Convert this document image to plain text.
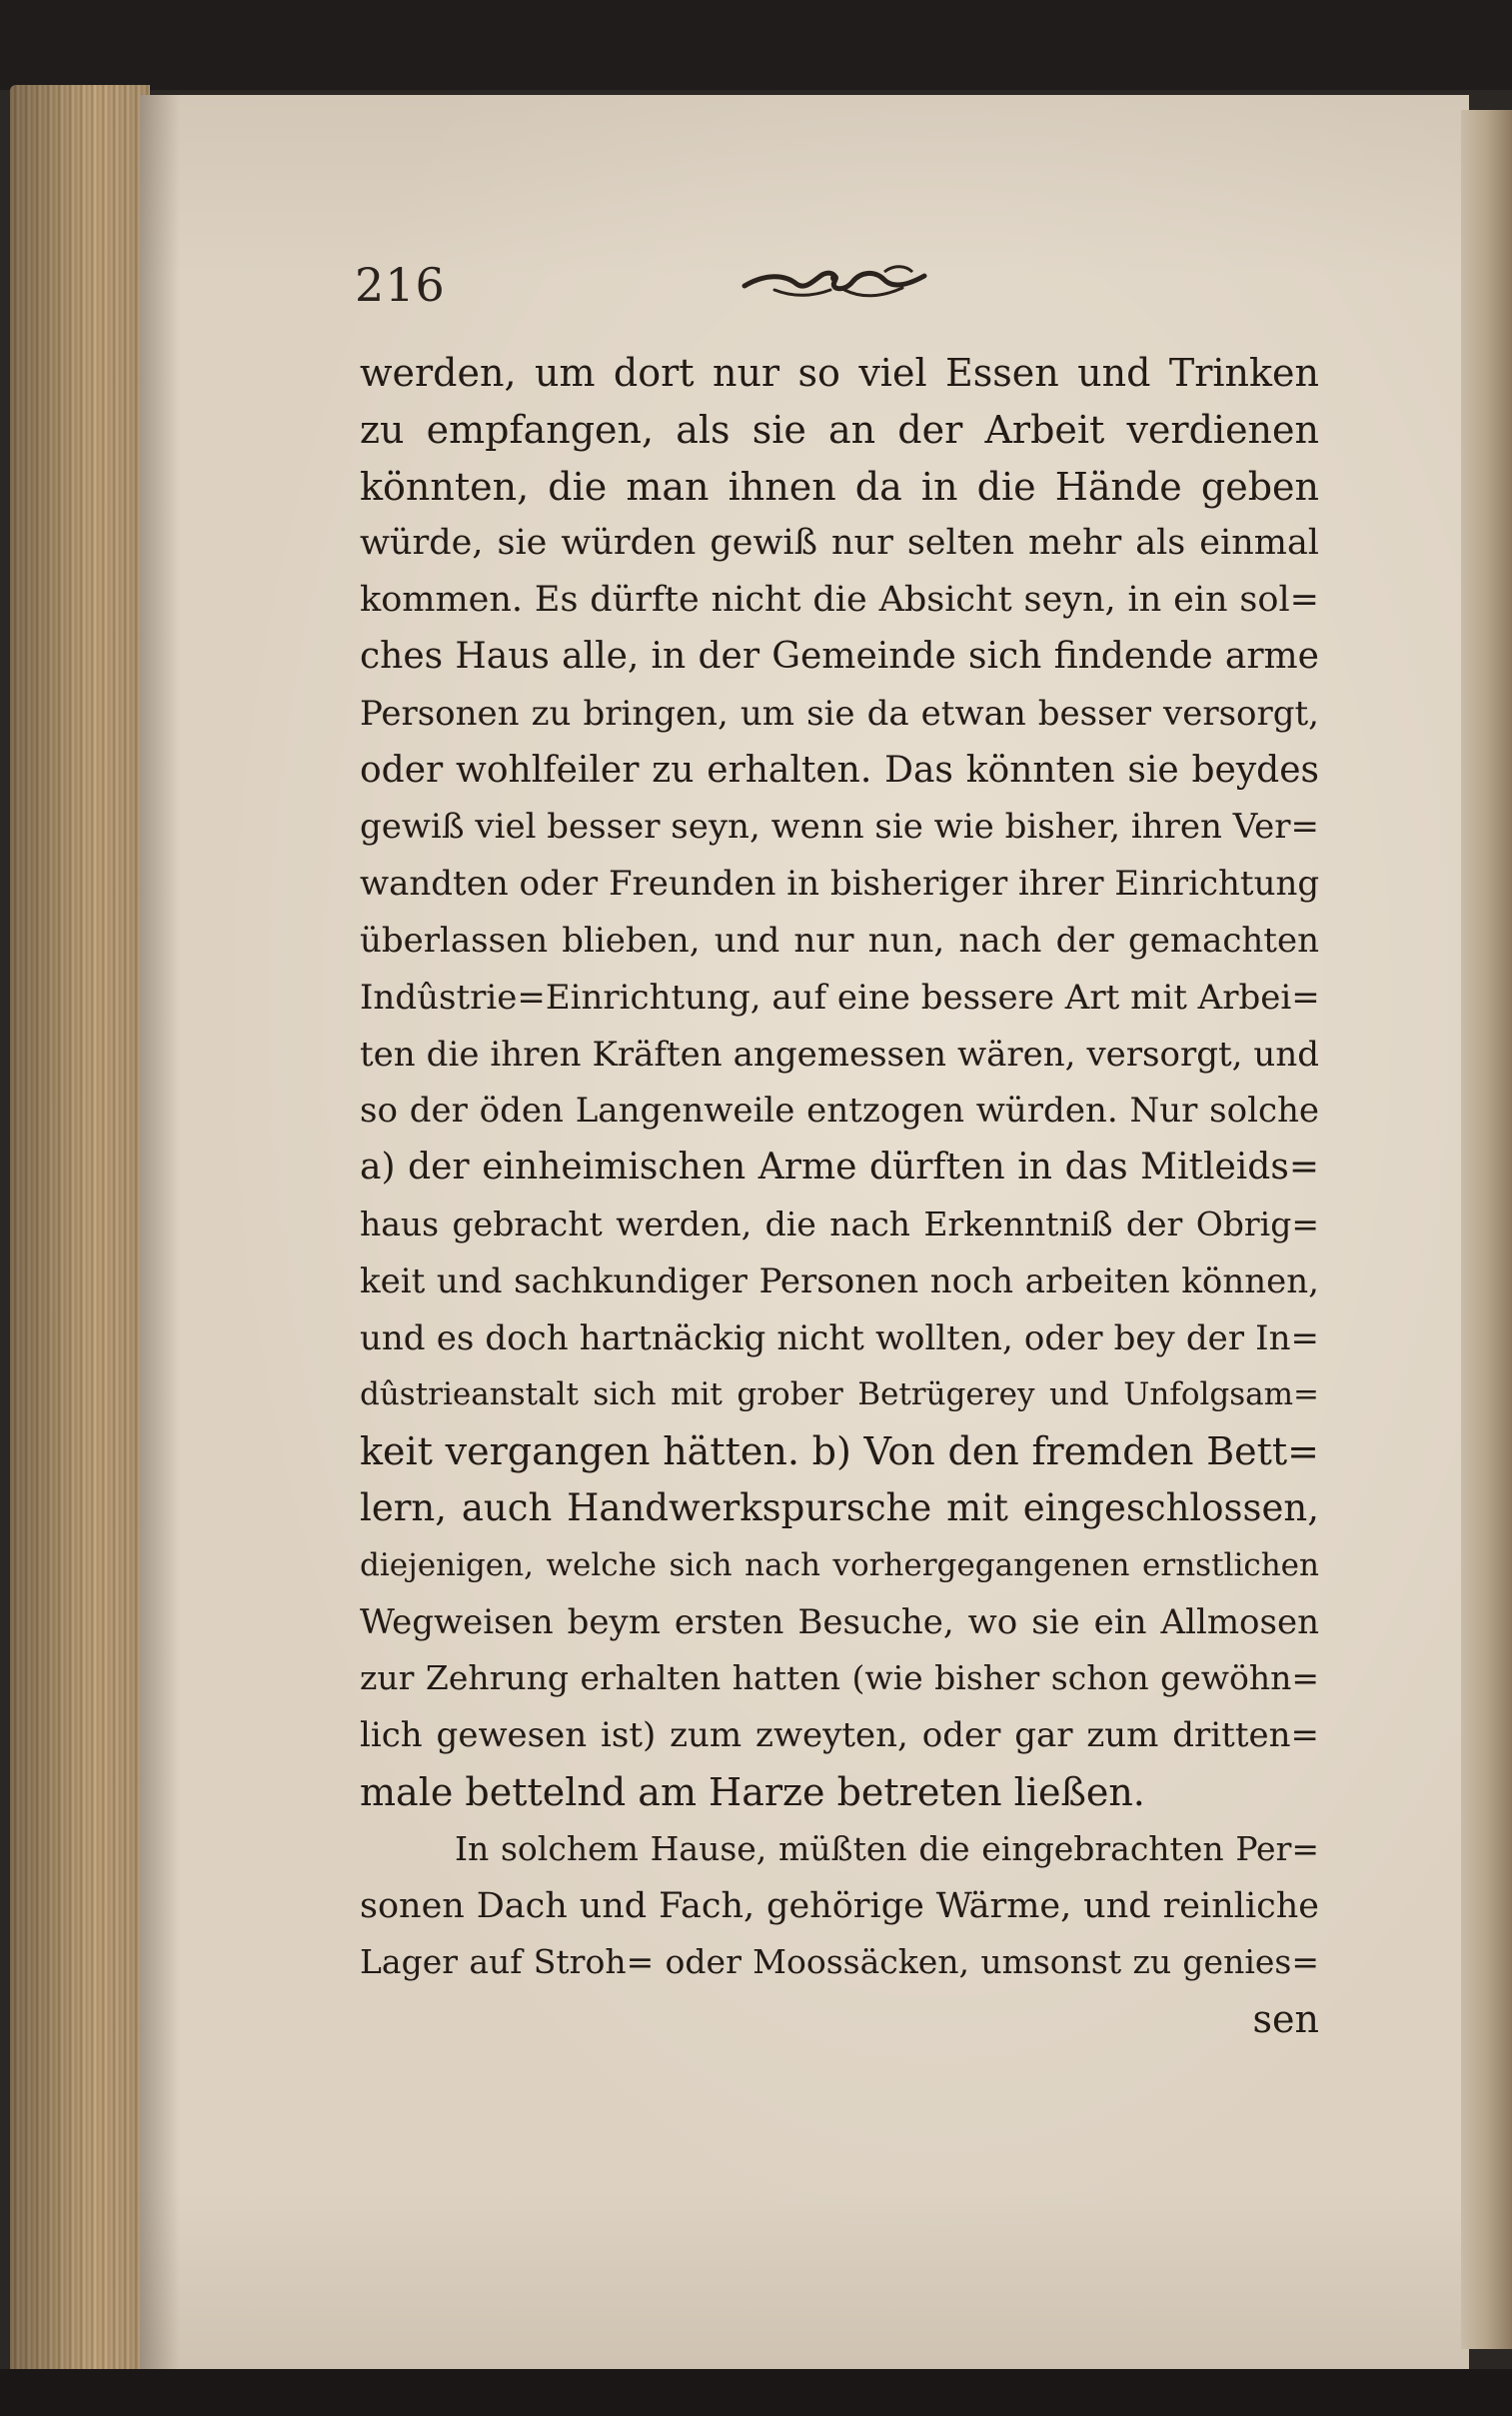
216
werden, um dort nur so viel Essen und Trinken
zu empfangen, als sie an der Arbeit verdienen
könnten, die man ihnen da in die Hände geben
würde, sie würden gewiß nur selten mehr als einmal
kommen. Es dürfte nicht die Absicht seyn, in ein sol=
ches Haus alle, in der Gemeinde sich findende arme
Personen zu bringen, um sie da etwan besser versorgt,
oder wohlfeiler zu erhalten. Das könnten sie beydes
gewiß viel besser seyn, wenn sie wie bisher, ihren Ver=
wandten oder Freunden in bisheriger ihrer Einrichtung
überlassen blieben, und nur nun, nach der gemachten
Indûstrie=Einrichtung, auf eine bessere Art mit Arbei=
ten die ihren Kräften angemessen wären, versorgt, und
so der öden Langenweile entzogen würden. Nur solche
a) der einheimischen Arme dürften in das Mitleids=
haus gebracht werden, die nach Erkenntniß der Obrig=
keit und sachkundiger Personen noch arbeiten können,
und es doch hartnäckig nicht wollten, oder bey der In=
dûstrieanstalt sich mit grober Betrügerey und Unfolgsam=
keit vergangen hätten. b) Von den fremden Bett=
lern, auch Handwerkspursche mit eingeschlossen,
diejenigen, welche sich nach vorhergegangenen ernstlichen
Wegweisen beym ersten Besuche, wo sie ein Allmosen
zur Zehrung erhalten hatten (wie bisher schon gewöhn=
lich gewesen ist) zum zweyten, oder gar zum dritten=
male bettelnd am Harze betreten ließen.
In solchem Hause, müßten die eingebrachten Per=
sonen Dach und Fach, gehörige Wärme, und reinliche
Lager auf Stroh= oder Moossäcken, umsonst zu genies=
sen
